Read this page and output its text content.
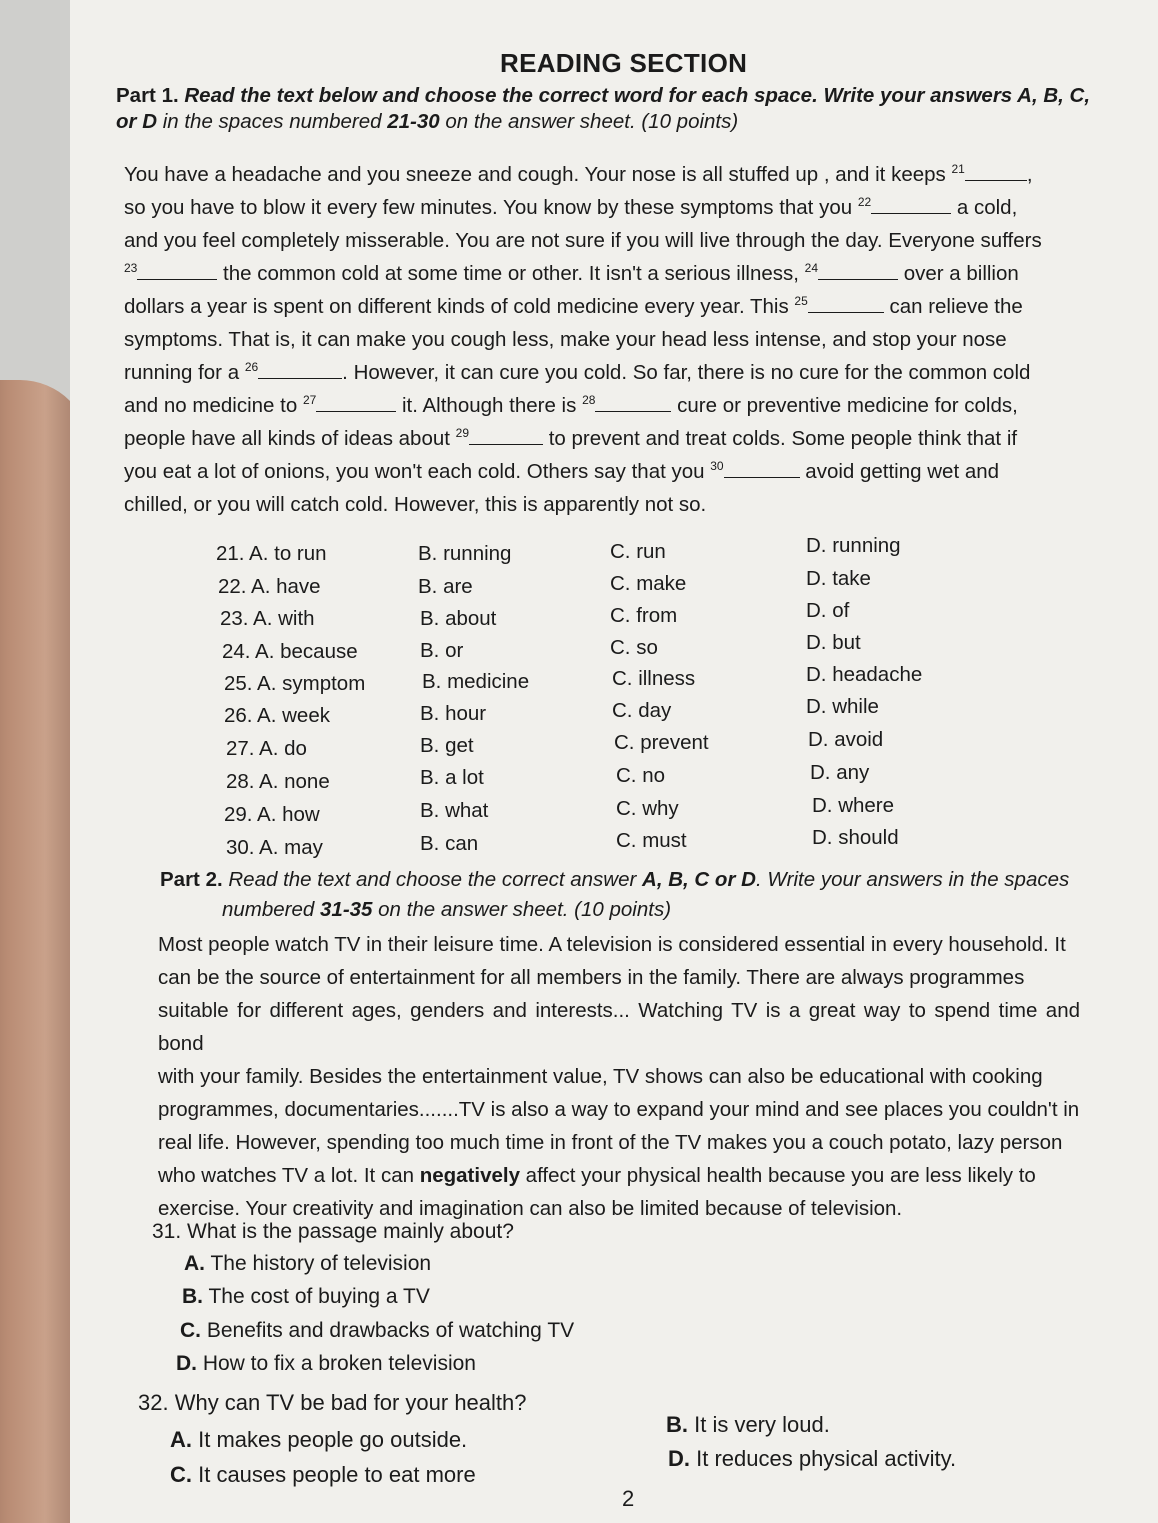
READING SECTION
Part 1. Read the text below and choose the correct word for each space. Write your answers A, B, C,
or D in the spaces numbered 21-30 on the answer sheet. (10 points)
You have a headache and you sneeze and cough. Your nose is all stuffed up , and it keeps $^{21}$	,
so you have to blow it every few minutes. You know by these symptoms that you $^{22}$	a cold,
and you feel completely misserable. You are not sure if you will live through the day. Everyone suffers
$^{23}$	the common cold at some time or other. It isn't a serious illness, $^{24}$	over a billion
dollars a year is spent on different kinds of cold medicine every year. This $^{25}$	can relieve the
symptoms. That is, it can make you cough less, make your head less intense, and stop your nose
running for a $^{26}$	. However, it can cure you cold. So far, there is no cure for the common cold
and no medicine to $^{27}$	it. Although there is $^{28}$	cure or preventive medicine for colds,
people have all kinds of ideas about $^{29}$	to prevent and treat colds. Some people think that if
you eat a lot of onions, you won't each cold. Others say that you $^{30}$	avoid getting wet and
chilled, or you will catch cold. However, this is apparently not so.
21. A. to run	B. running	C. run	D. running
22. A. have	B. are	C. make	D. take
23. A. with	B. about	C. from	D. of
24. A. because	B. or	C. so	D. but
25. A. symptom	B. medicine	C. illness	D. headache
26. A. week	B. hour	C. day	D. while
27. A. do	B. get	C. prevent	D. avoid
28. A. none	B. a lot	C. no	D. any
29. A. how	B. what	C. why	D. where
30. A. may	B. can	C. must	D. should
Part 2. Read the text and choose the correct answer A, B, C or D. Write your answers in the spaces
numbered 31-35 on the answer sheet. (10 points)
Most people watch TV in their leisure time. A television is considered essential in every household. It
can be the source of entertainment for all members in the family. There are always programmes
suitable for different ages, genders and interests... Watching TV is a great way to spend time and bond
with your family. Besides the entertainment value, TV shows can also be educational with cooking
programmes, documentaries.......TV is also a way to expand your mind and see places you couldn't in
real life. However, spending too much time in front of the TV makes you a couch potato, lazy person
who watches TV a lot. It can negatively affect your physical health because you are less likely to
exercise. Your creativity and imagination can also be limited because of television.
31. What is the passage mainly about?
A. The history of television
B. The cost of buying a TV
C. Benefits and drawbacks of watching TV
D. How to fix a broken television
32. Why can TV be bad for your health?
A. It makes people go outside.
B. It is very loud.
C. It causes people to eat more
D. It reduces physical activity.
2
